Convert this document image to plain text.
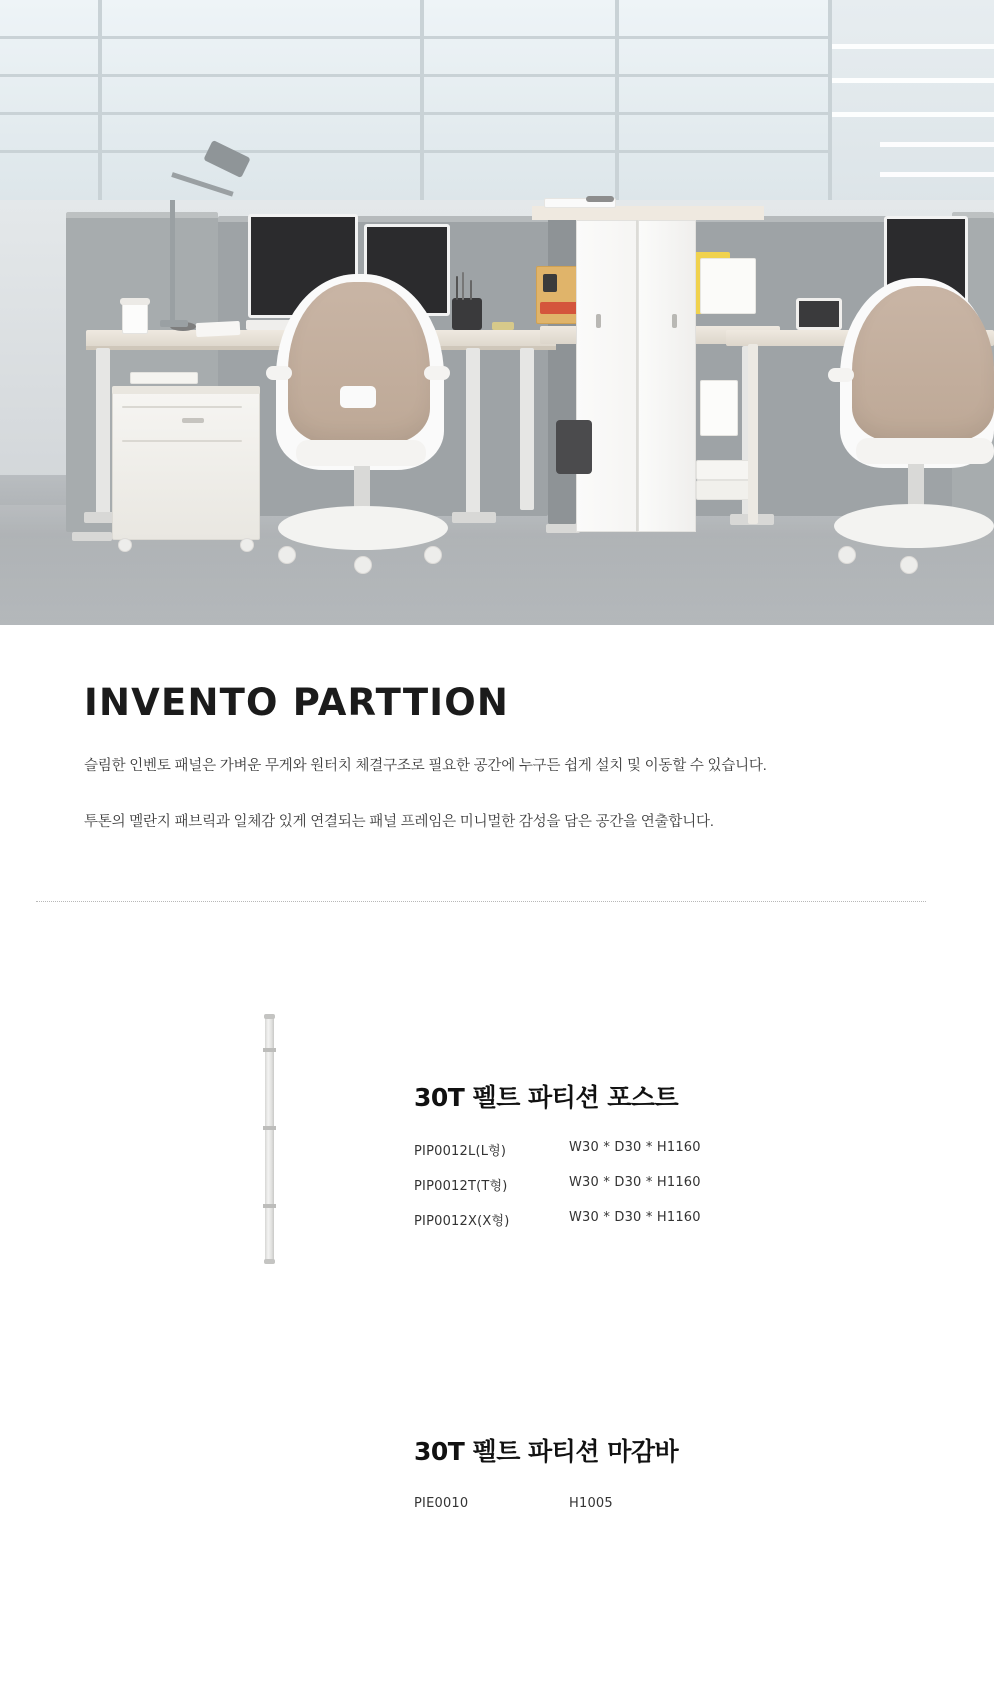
INVENTO PARTTION

슬림한 인벤토 패널은 가벼운 무게와 원터치 체결구조로 필요한 공간에 누구든 쉽게 설치 및 이동할 수 있습니다.

투톤의 멜란지 패브릭과 일체감 있게 연결되는 패널 프레임은 미니멀한 감성을 담은 공간을 연출합니다.

30T 펠트 파티션 포스트
PIP0012L(L형)	W30 * D30 * H1160
PIP0012T(T형)	W30 * D30 * H1160
PIP0012X(X형)	W30 * D30 * H1160
30T 펠트 파티션 마감바
PIE0010	H1005
